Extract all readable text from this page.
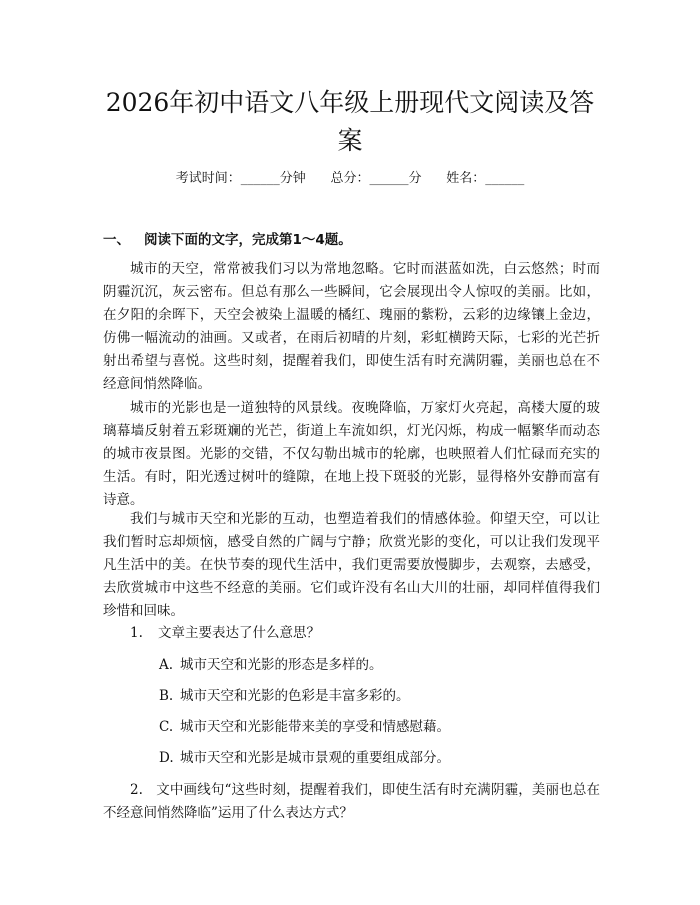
2026年初中语文八年级上册现代文阅读及答案
考试时间：______分钟      总分：______分      姓名：______
一、 阅读下面的文字，完成第1～4题。

城市的天空，常常被我们习以为常地忽略。它时而湛蓝如洗，白云悠然；时而阴霾沉沉，灰云密布。但总有那么一些瞬间，它会展现出令人惊叹的美丽。比如，在夕阳的余晖下，天空会被染上温暖的橘红、瑰丽的紫粉，云彩的边缘镶上金边，仿佛一幅流动的油画。又或者，在雨后初晴的片刻，彩虹横跨天际，七彩的光芒折射出希望与喜悦。这些时刻，提醒着我们，即使生活有时充满阴霾，美丽也总在不经意间悄然降临。

城市的光影也是一道独特的风景线。夜晚降临，万家灯火亮起，高楼大厦的玻璃幕墙反射着五彩斑斓的光芒，街道上车流如织，灯光闪烁，构成一幅繁华而动态的城市夜景图。光影的交错，不仅勾勒出城市的轮廓，也映照着人们忙碌而充实的生活。有时，阳光透过树叶的缝隙，在地上投下斑驳的光影，显得格外安静而富有诗意。

我们与城市天空和光影的互动，也塑造着我们的情感体验。仰望天空，可以让我们暂时忘却烦恼，感受自然的广阔与宁静；欣赏光影的变化，可以让我们发现平凡生活中的美。在快节奏的现代生活中，我们更需要放慢脚步，去观察，去感受，去欣赏城市中这些不经意的美丽。它们或许没有名山大川的壮丽，却同样值得我们珍惜和回味。

1. 文章主要表达了什么意思？

A. 城市天空和光影的形态是多样的。

B. 城市天空和光影的色彩是丰富多彩的。

C. 城市天空和光影能带来美的享受和情感慰藉。

D. 城市天空和光影是城市景观的重要组成部分。

2. 文中画线句“这些时刻，提醒着我们，即使生活有时充满阴霾，美丽也总在不经意间悄然降临”运用了什么表达方式？
